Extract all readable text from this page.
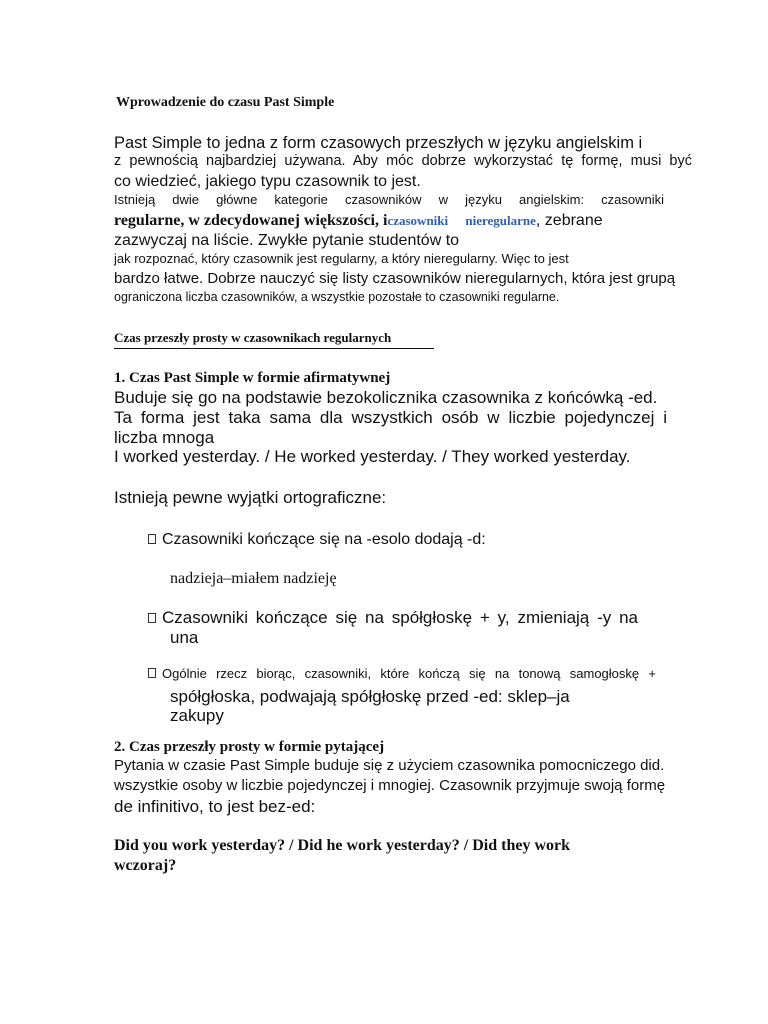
Wprowadzenie do czasu Past Simple
Past Simple to jedna z form czasowych przeszłych w języku angielskim i
z pewnością najbardziej używana. Aby móc dobrze wykorzystać tę formę, musi być
co wiedzieć, jakiego typu czasownik to jest.
Istnieją dwie główne kategorie czasowników w języku angielskim: czasowniki
regularne, w zdecydowanej większości, iczasowniki nieregularne, zebrane
zazwyczaj na liście. Zwykłe pytanie studentów to
jak rozpoznać, który czasownik jest regularny, a który nieregularny. Więc to jest
bardzo łatwe. Dobrze nauczyć się listy czasowników nieregularnych, która jest grupą
ograniczona liczba czasowników, a wszystkie pozostałe to czasowniki regularne.
Czas przeszły prosty w czasownikach regularnych
1. Czas Past Simple w formie afirmatywnej
Buduje się go na podstawie bezokolicznika czasownika z końcówką -ed.
Ta forma jest taka sama dla wszystkich osób w liczbie pojedynczej i
liczba mnoga
I worked yesterday. / He worked yesterday. / They worked yesterday.
Istnieją pewne wyjątki ortograficzne:
Czasowniki kończące się na -esolo dodają -d:
nadzieja–miałem nadzieję
Czasowniki kończące się na spółgłoskę + y, zmieniają -y na
una
Ogólnie rzecz biorąc, czasowniki, które kończą się na tonową samogłoskę +
spółgłoska, podwajają spółgłoskę przed -ed: sklep–ja
zakupy
2. Czas przeszły prosty w formie pytającej
Pytania w czasie Past Simple buduje się z użyciem czasownika pomocniczego did.
wszystkie osoby w liczbie pojedynczej i mnogiej. Czasownik przyjmuje swoją formę
de infinitivo, to jest bez-ed:
Did you work yesterday? / Did he work yesterday? / Did they work
wczoraj?
